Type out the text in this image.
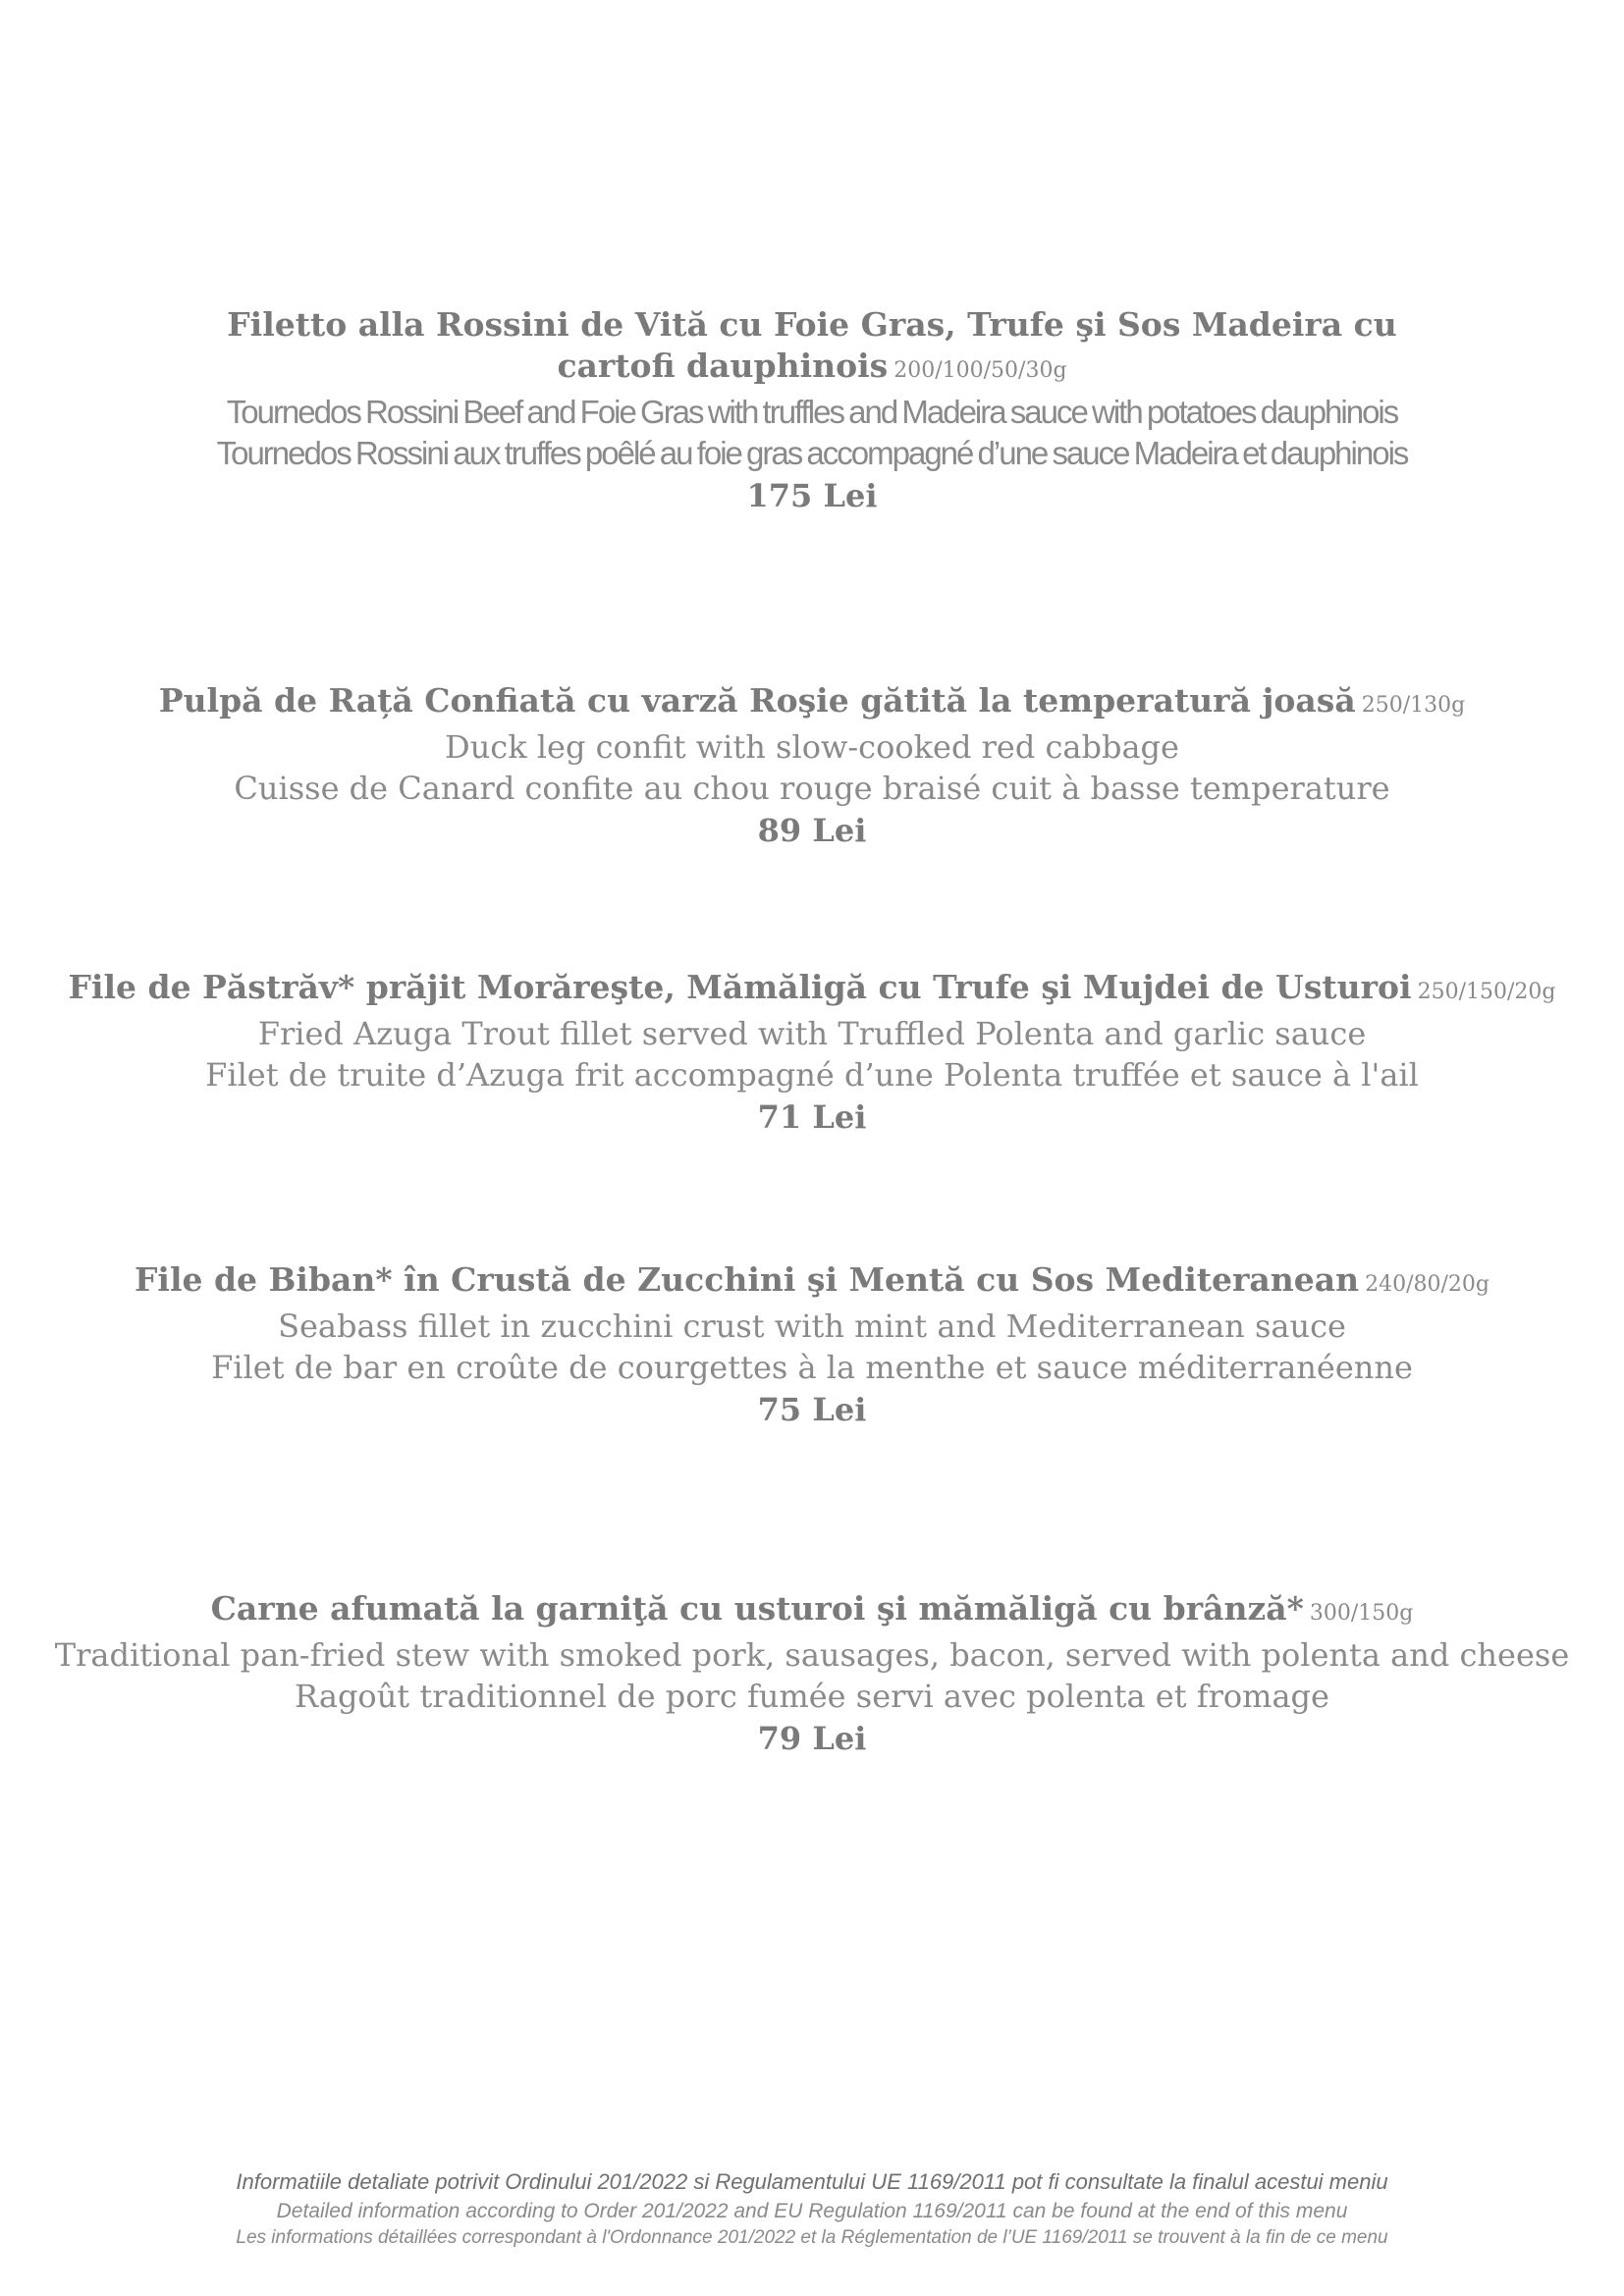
Filetto alla Rossini de Vită cu Foie Gras, Trufe şi Sos Madeira cu cartofi dauphinois 200/100/50/30g
Tournedos Rossini Beef and Foie Gras with truffles and Madeira sauce with potatoes dauphinois
Tournedos Rossini aux truffes poêlé au foie gras accompagné d’une sauce Madeira et dauphinois
175 Lei
Pulpă de Rață Confiată cu varză Roşie gătită la temperatură joasă 250/130g
Duck leg confit with slow-cooked red cabbage
Cuisse de Canard confite au chou rouge braisé cuit à basse temperature
89 Lei
File de Păstrăv* prăjit Morăreşte, Mămăligă cu Trufe şi Mujdei de Usturoi 250/150/20g
Fried Azuga Trout fillet served with Truffled Polenta and garlic sauce
Filet de truite d’Azuga frit accompagné d’une Polenta truffée et sauce à l'ail
71 Lei
File de Biban* în Crustă de Zucchini şi Mentă cu Sos Mediteranean 240/80/20g
Seabass fillet in zucchini crust with mint and Mediterranean sauce
Filet de bar en croûte de courgettes à la menthe et sauce méditerranéenne
75 Lei
Carne afumată la garniţă cu usturoi şi mămăligă cu brânză* 300/150g
Traditional pan-fried stew with smoked pork, sausages, bacon, served with polenta and cheese
Ragoût traditionnel de porc fumée servi avec polenta et fromage
79 Lei
Informatiile detaliate potrivit Ordinului 201/2022 si Regulamentului UE 1169/2011 pot fi consultate la finalul acestui meniu
Detailed information according to Order 201/2022 and EU Regulation 1169/2011 can be found at the end of this menu
Les informations détaillées correspondant à l'Ordonnance 201/2022 et la Réglementation de l’UE 1169/2011 se trouvent à la fin de ce menu
